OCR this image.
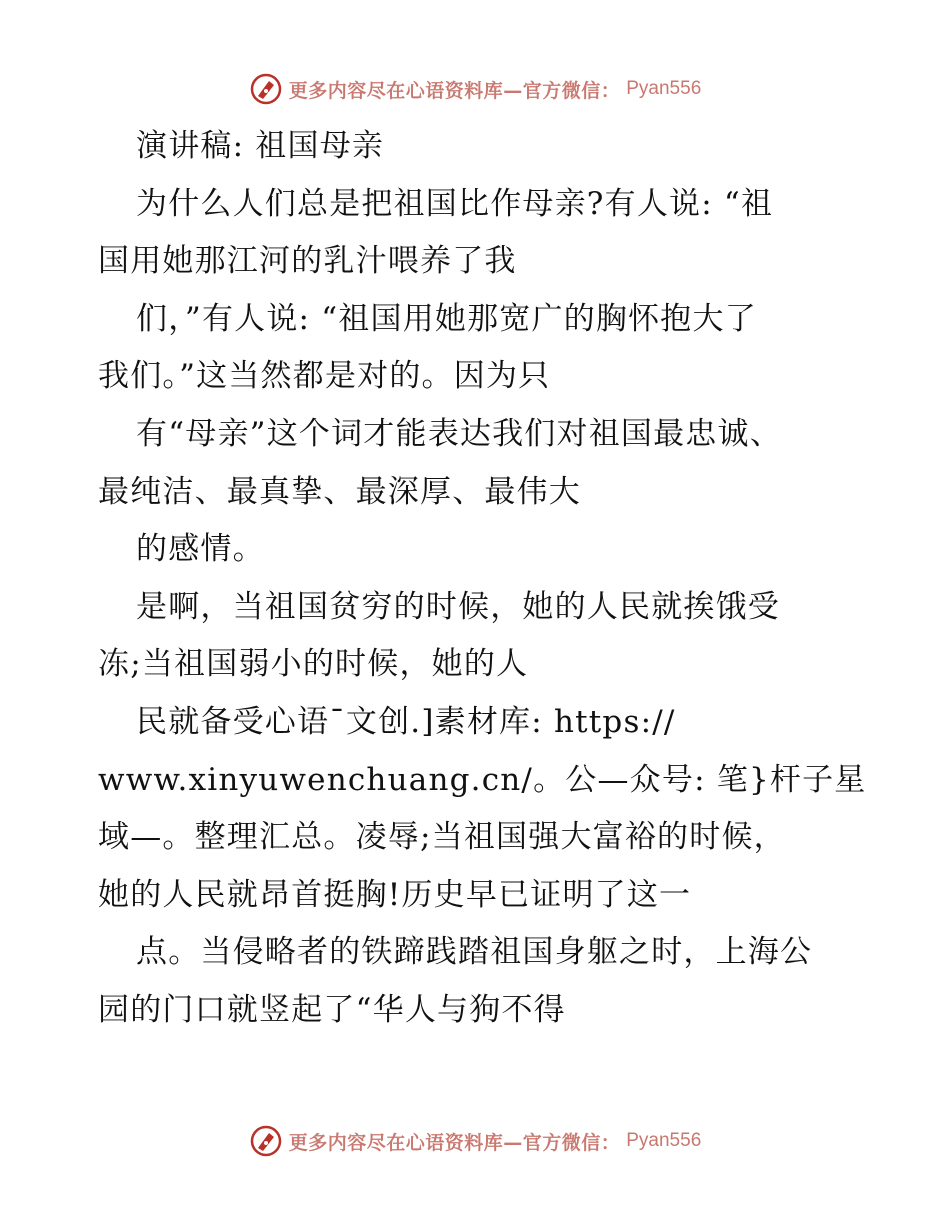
更多内容尽在心语资料库—官方微信： Pyan556
演讲稿: 祖国母亲
为什么人们总是把祖国比作母亲?有人说: “祖
国用她那江河的乳汁喂养了我
们，”有人说: “祖国用她那宽广的胸怀抱大了
我们。”这当然都是对的。因为只
有“母亲”这个词才能表达我们对祖国最忠诚、
最纯洁、最真挚、最深厚、最伟大
的感情。
是啊，当祖国贫穷的时候，她的人民就挨饿受
冻;当祖国弱小的时候，她的人
民就备受心语¯文创.]素材库: https://
www.xinyuwenchuang.cn/。公—众号: 笔}杆子星
域—。整理汇总。凌辱;当祖国强大富裕的时候，
她的人民就昂首挺胸!历史早已证明了这一
点。当侵略者的铁蹄践踏祖国身躯之时，上海公
园的门口就竖起了“华人与狗不得
更多内容尽在心语资料库—官方微信： Pyan556
